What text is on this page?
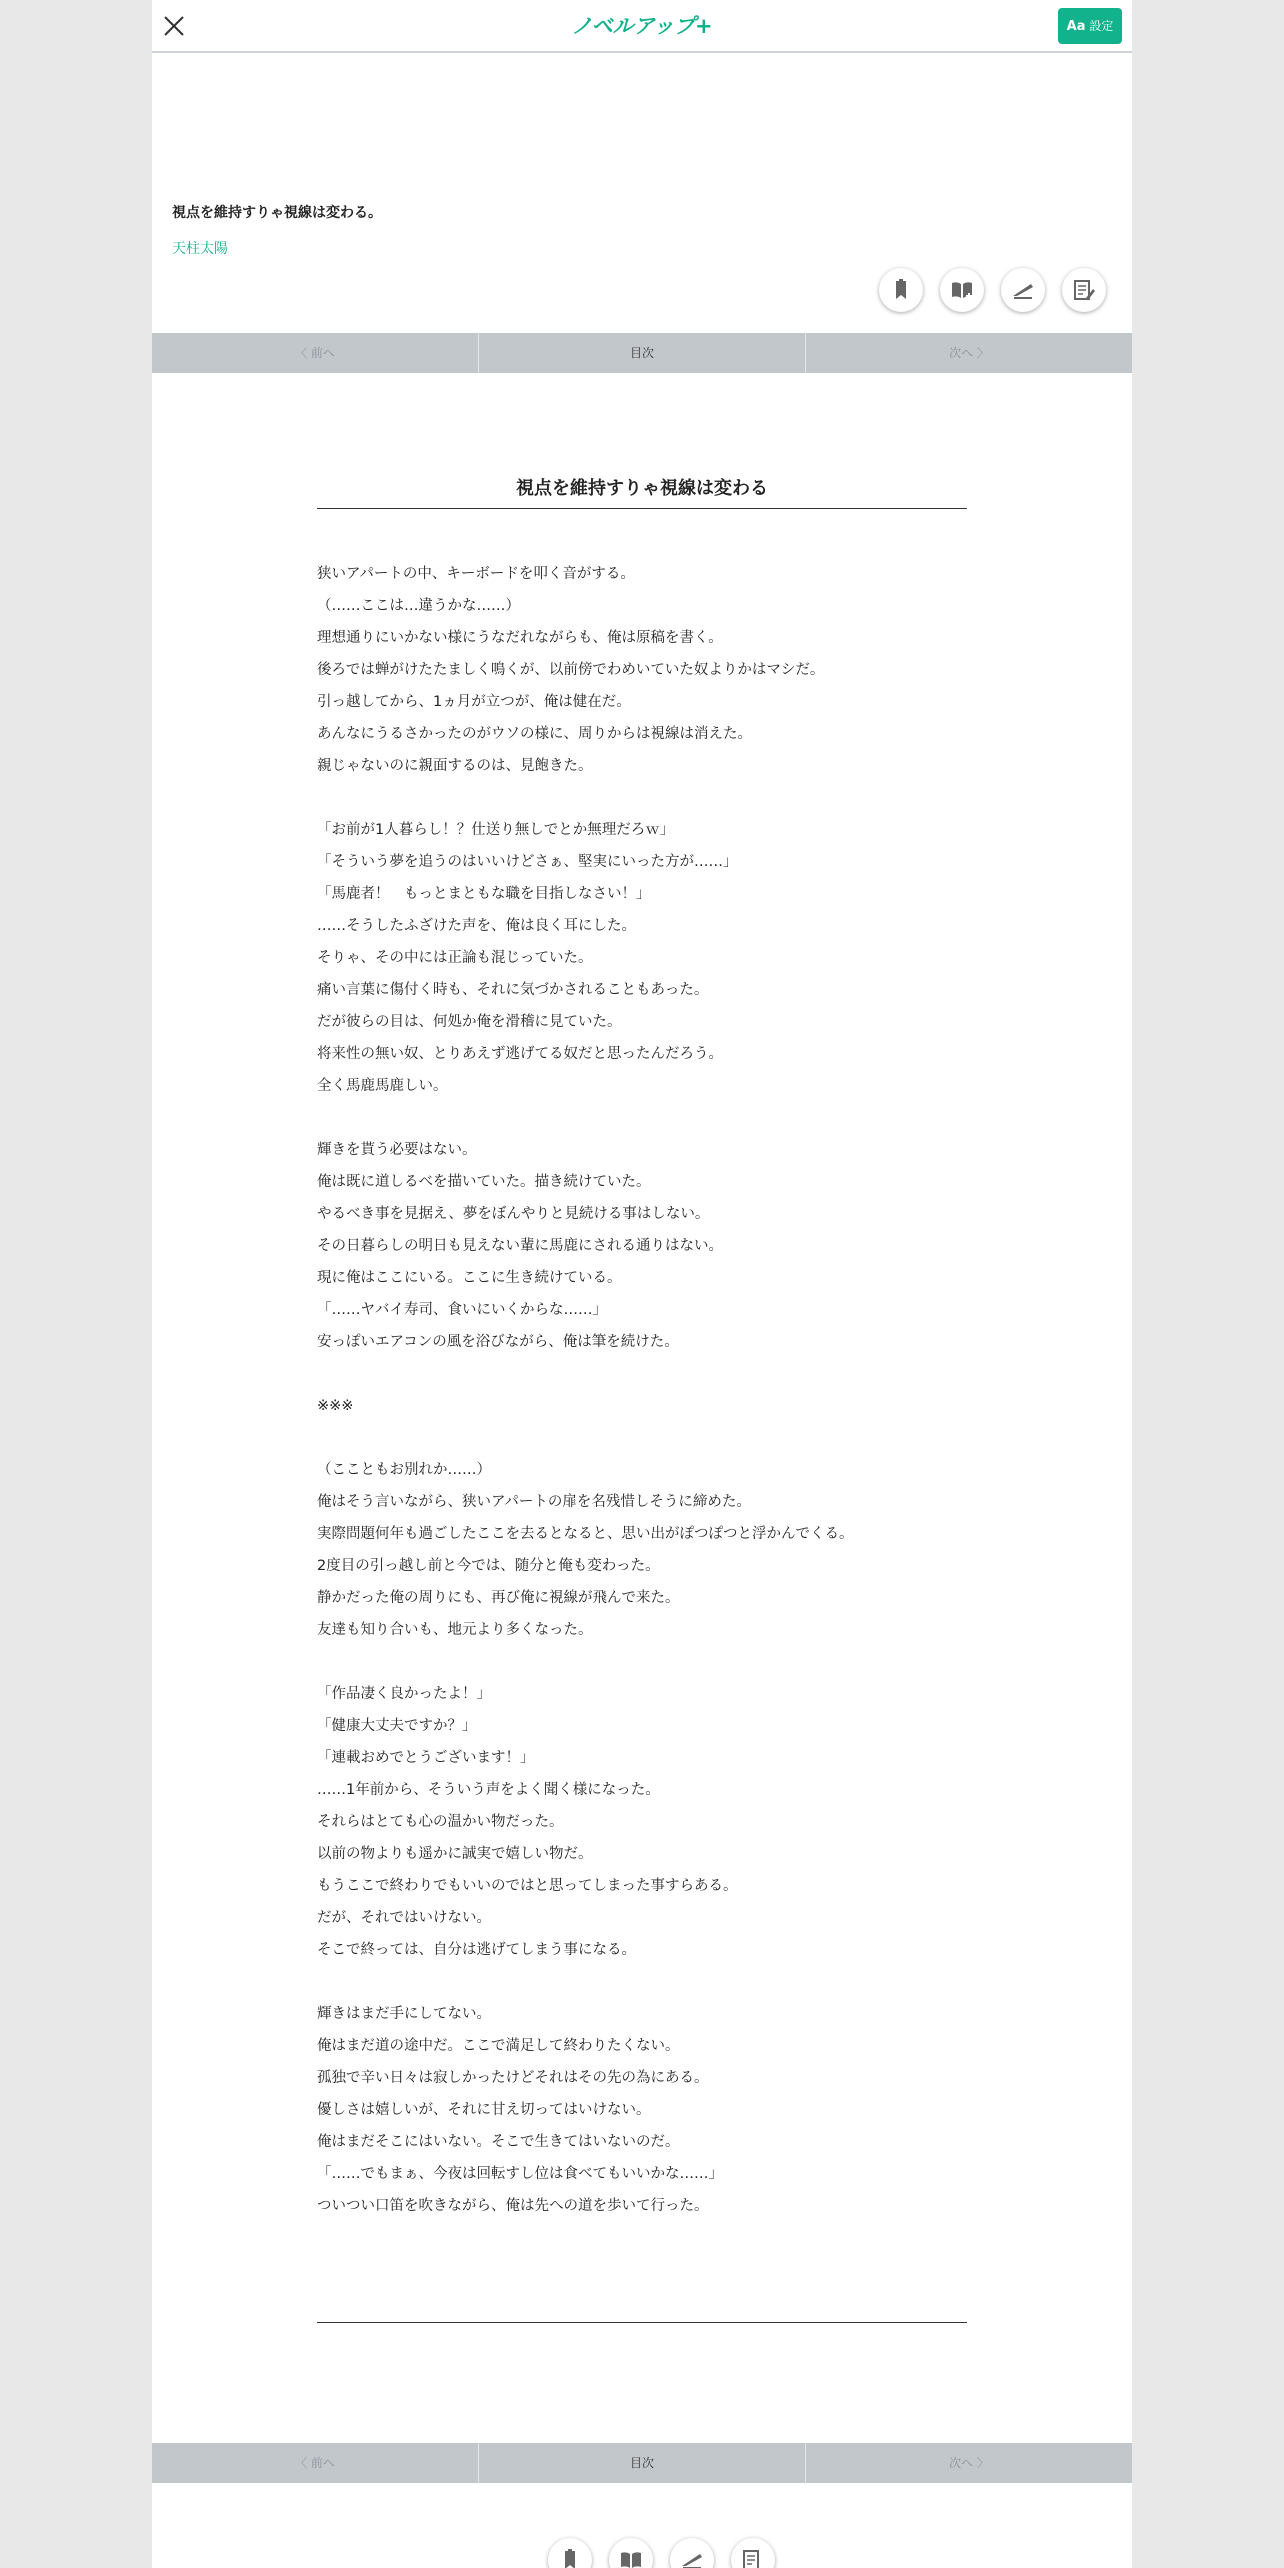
ノベルアップ+	Aa 設定
視点を維持すりゃ視線は変わる。
天柱太陽

〈 前へ	目次	次へ 〉
視点を維持すりゃ視線は変わる
狭いアパートの中、キーボードを叩く音がする。
（……ここは…違うかな……）
理想通りにいかない様にうなだれながらも、俺は原稿を書く。
後ろでは蝉がけたたましく鳴くが、以前傍でわめいていた奴よりかはマシだ。
引っ越してから、1ヵ月が立つが、俺は健在だ。
あんなにうるさかったのがウソの様に、周りからは視線は消えた。
親じゃないのに親面するのは、見飽きた。
「お前が1人暮らし！？仕送り無しでとか無理だろｗ」
「そういう夢を追うのはいいけどさぁ、堅実にいった方が……」
「馬鹿者！　もっとまともな職を目指しなさい！」
……そうしたふざけた声を、俺は良く耳にした。
そりゃ、その中には正論も混じっていた。
痛い言葉に傷付く時も、それに気づかされることもあった。
だが彼らの目は、何処か俺を滑稽に見ていた。
将来性の無い奴、とりあえず逃げてる奴だと思ったんだろう。
全く馬鹿馬鹿しい。
輝きを貰う必要はない。
俺は既に道しるべを描いていた。描き続けていた。
やるべき事を見据え、夢をぼんやりと見続ける事はしない。
その日暮らしの明日も見えない輩に馬鹿にされる通りはない。
現に俺はここにいる。ここに生き続けている。
「……ヤバイ寿司、食いにいくからな……」
安っぽいエアコンの風を浴びながら、俺は筆を続けた。
※※※
（ここともお別れか……）
俺はそう言いながら、狭いアパートの扉を名残惜しそうに締めた。
実際問題何年も過ごしたここを去るとなると、思い出がぽつぽつと浮かんでくる。
2度目の引っ越し前と今では、随分と俺も変わった。
静かだった俺の周りにも、再び俺に視線が飛んで来た。
友達も知り合いも、地元より多くなった。
「作品凄く良かったよ！」
「健康大丈夫ですか？」
「連載おめでとうございます！」
……1年前から、そういう声をよく聞く様になった。
それらはとても心の温かい物だった。
以前の物よりも遥かに誠実で嬉しい物だ。
もうここで終わりでもいいのではと思ってしまった事すらある。
だが、それではいけない。
そこで終っては、自分は逃げてしまう事になる。
輝きはまだ手にしてない。
俺はまだ道の途中だ。ここで満足して終わりたくない。
孤独で辛い日々は寂しかったけどそれはその先の為にある。
優しさは嬉しいが、それに甘え切ってはいけない。
俺はまだそこにはいない。そこで生きてはいないのだ。
「……でもまぁ、今夜は回転すし位は食べてもいいかな……」
ついつい口笛を吹きながら、俺は先への道を歩いて行った。
〈 前へ	目次	次へ 〉
